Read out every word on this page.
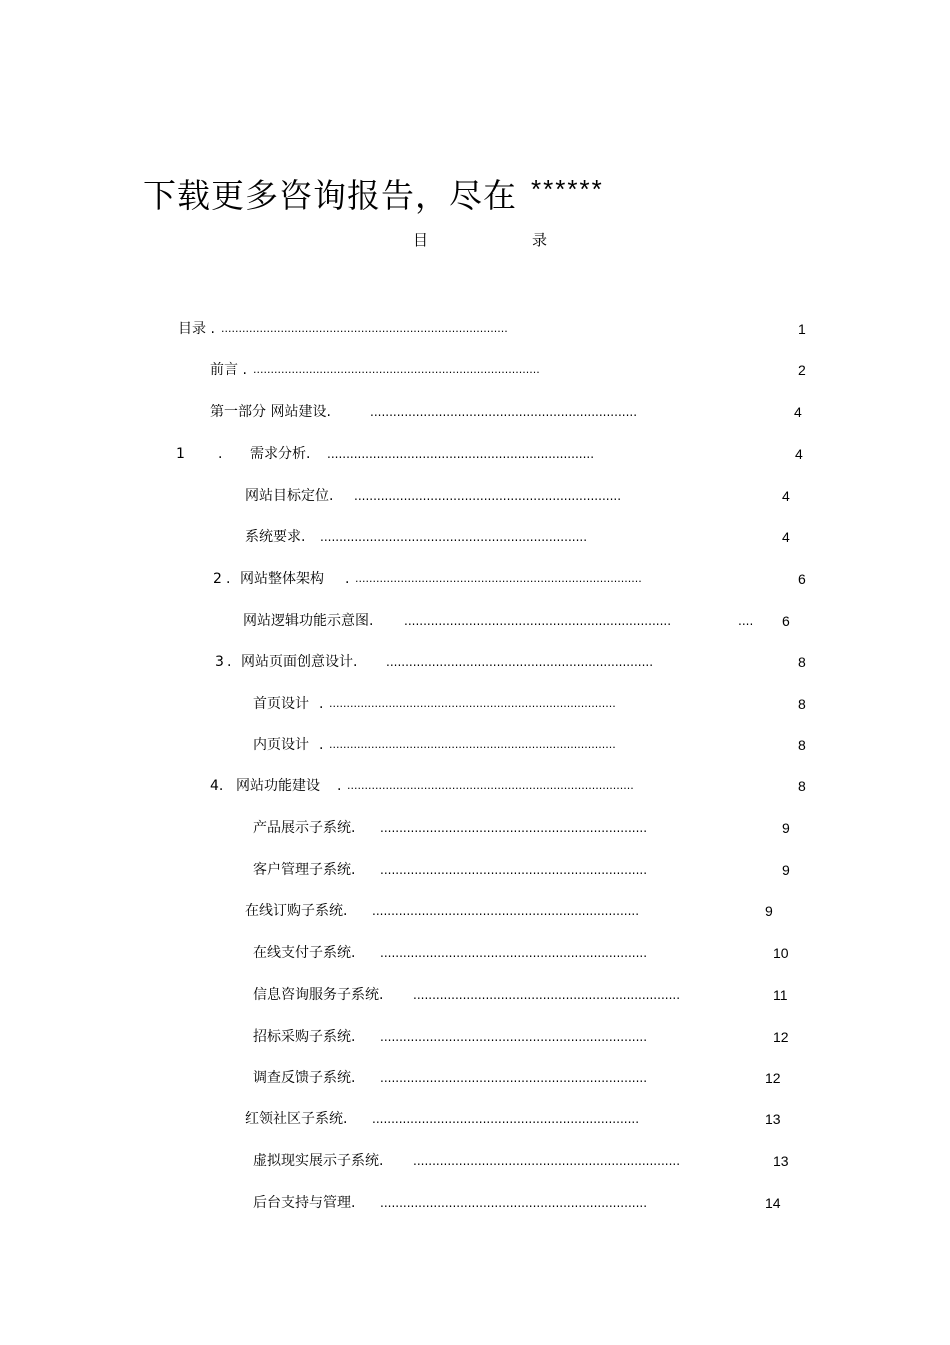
下载更多咨询报告，尽在 ******
目	录
目录 . ..................................................................................	1
前言 . ..................................................................................	2
第一部分 网站建设.	......................................................................	4
1 . 需求分析. ......................................................................	4
网站目标定位. ......................................................................	4
系统要求. ......................................................................	4
2 . 网站整体架构 . ..................................................................................	6
网站逻辑功能示意图.	......................................................................	....	6
3 . 网站页面创意设计. ......................................................................	8
首页设计 . ..................................................................................	8
内页设计 . ..................................................................................	8
4. 网站功能建设 . ..................................................................................	8
产品展示子系统. ......................................................................	9
客户管理子系统. ......................................................................	9
在线订购子系统. ......................................................................	9
在线支付子系统. ......................................................................	10
信息咨询服务子系统. ......................................................................	11
招标采购子系统. ......................................................................	12
调查反馈子系统. ......................................................................	12
红领社区子系统. ......................................................................	13
虚拟现实展示子系统. ......................................................................	13
后台支持与管理. ......................................................................	14
